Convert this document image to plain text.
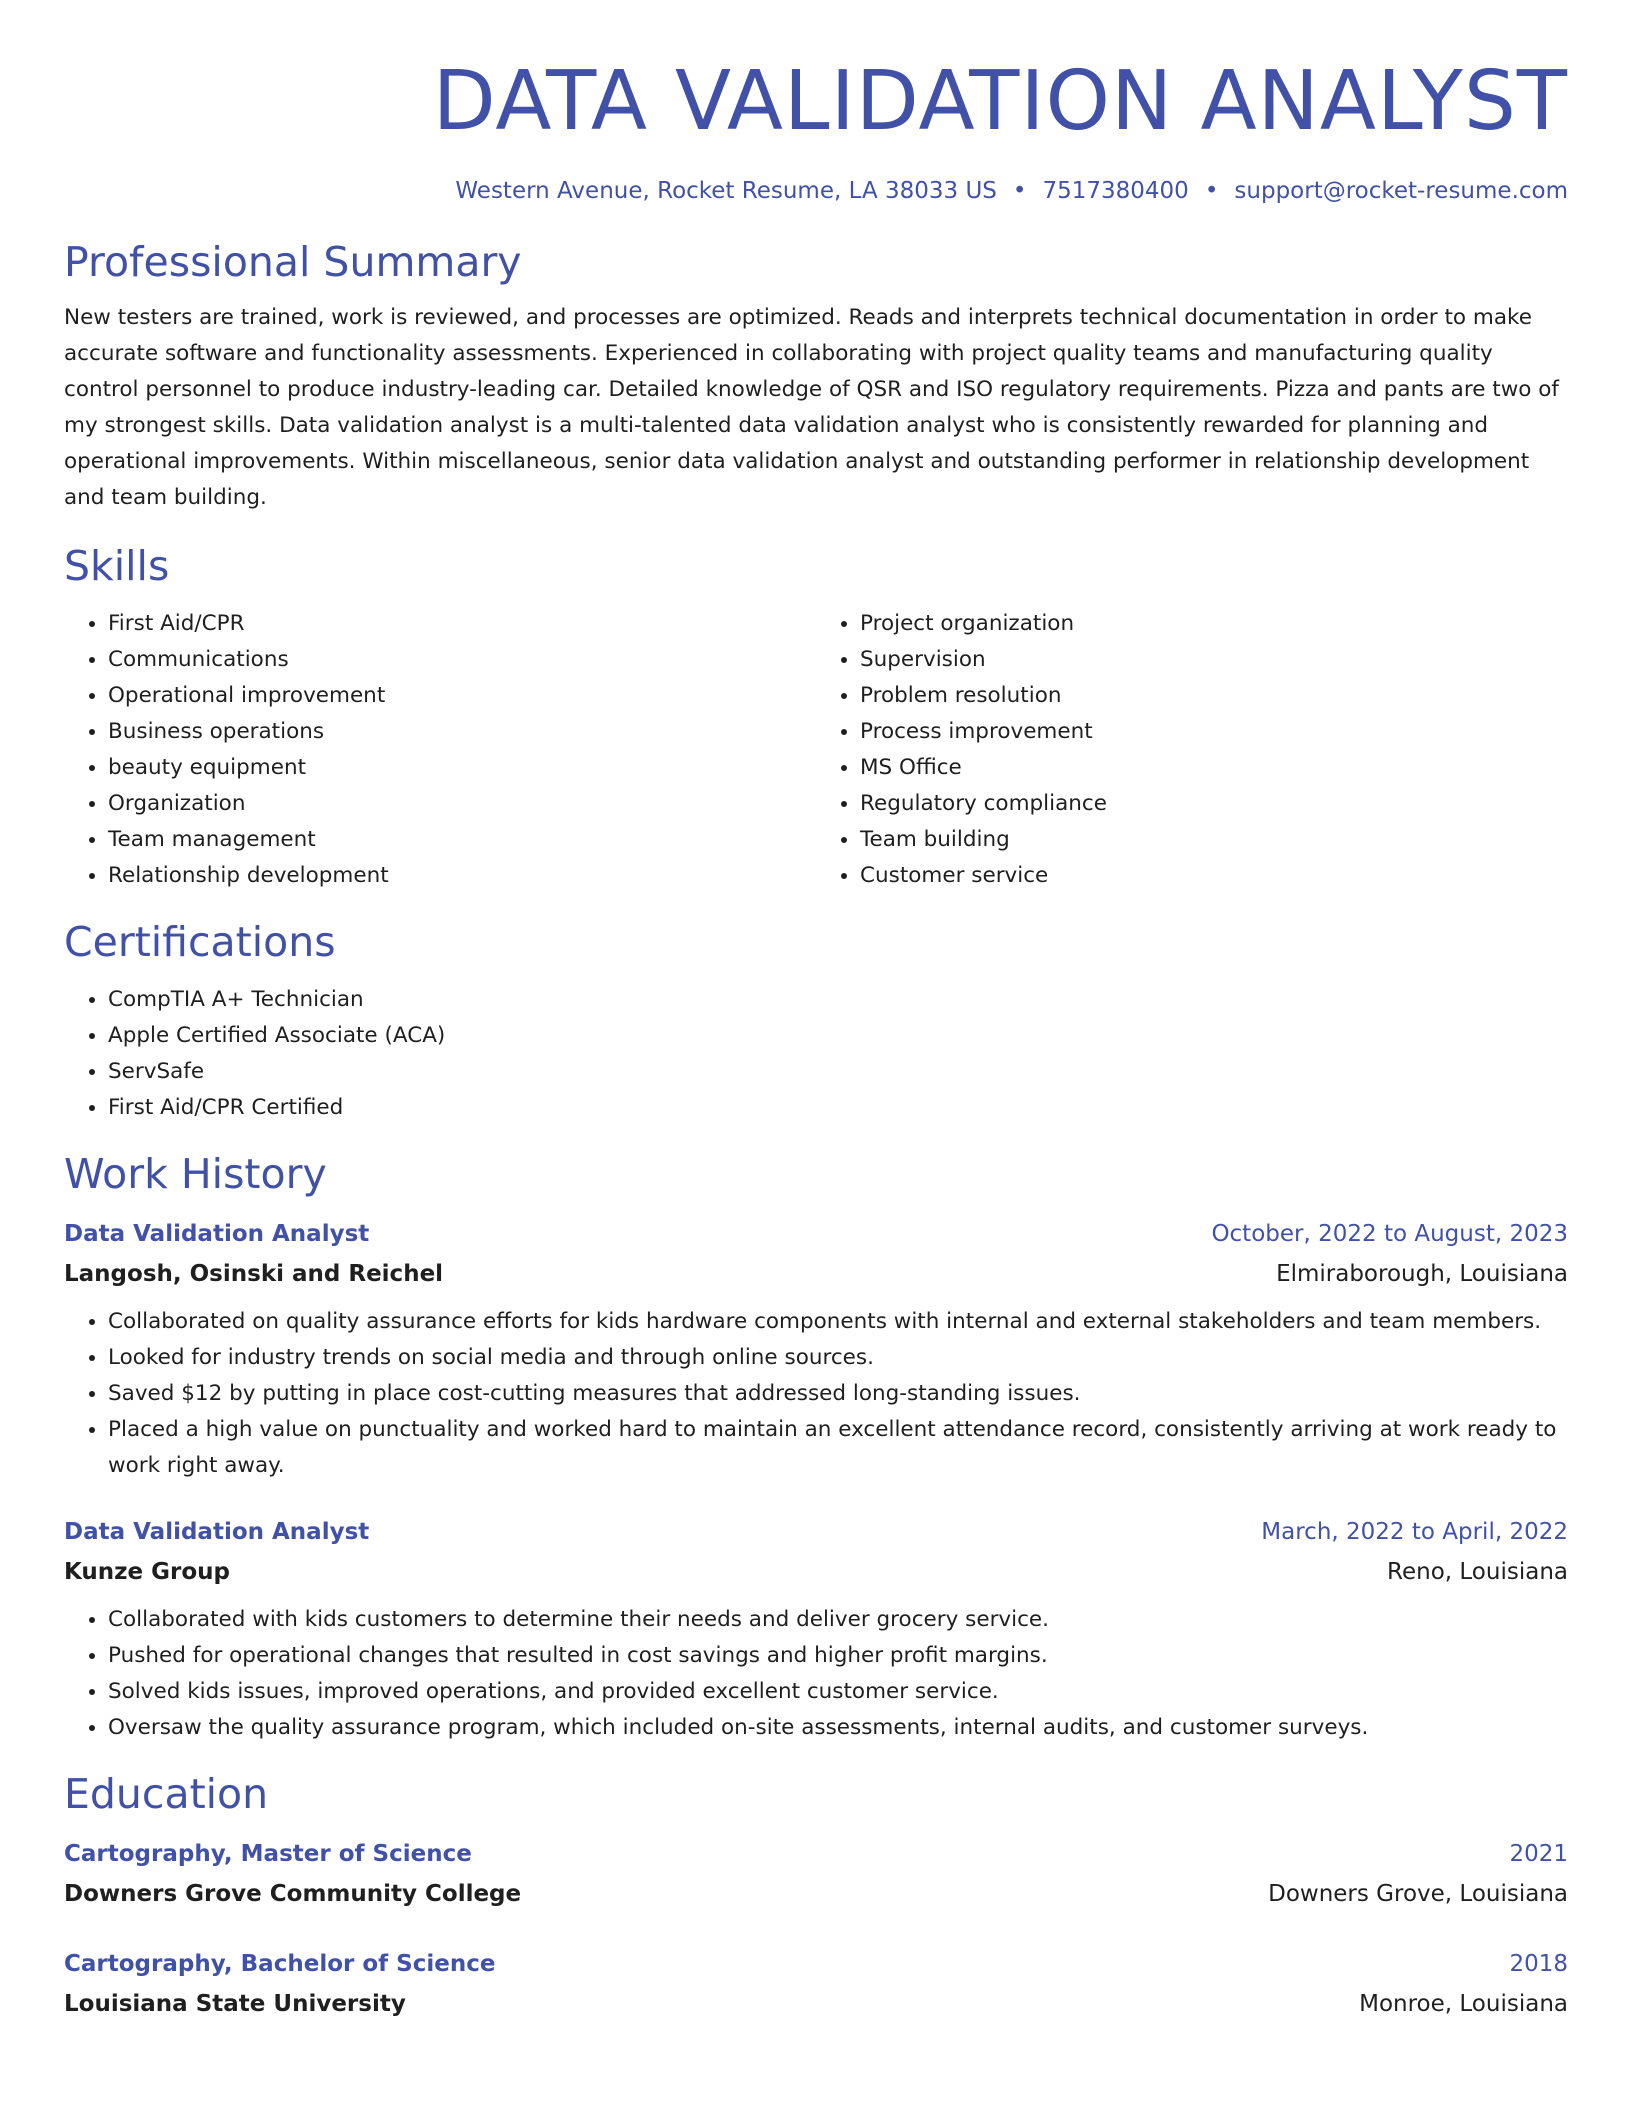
DATA VALIDATION ANALYST
Western Avenue, Rocket Resume, LA 38033 US • 7517380400 • support@rocket-resume.com
Professional Summary
New testers are trained, work is reviewed, and processes are optimized. Reads and interprets technical documentation in order to make accurate software and functionality assessments. Experienced in collaborating with project quality teams and manufacturing quality control personnel to produce industry-leading car. Detailed knowledge of QSR and ISO regulatory requirements. Pizza and pants are two of my strongest skills. Data validation analyst is a multi-talented data validation analyst who is consistently rewarded for planning and operational improvements. Within miscellaneous, senior data validation analyst and outstanding performer in relationship development and team building.
Skills
• First Aid/CPR
• Communications
• Operational improvement
• Business operations
• beauty equipment
• Organization
• Team management
• Relationship development
• Project organization
• Supervision
• Problem resolution
• Process improvement
• MS Office
• Regulatory compliance
• Team building
• Customer service
Certifications
• CompTIA A+ Technician
• Apple Certified Associate (ACA)
• ServSafe
• First Aid/CPR Certified
Work History
Data Validation Analyst	October, 2022 to August, 2023
Langosh, Osinski and Reichel	Elmiraborough, Louisiana
• Collaborated on quality assurance efforts for kids hardware components with internal and external stakeholders and team members.
• Looked for industry trends on social media and through online sources.
• Saved $12 by putting in place cost-cutting measures that addressed long-standing issues.
• Placed a high value on punctuality and worked hard to maintain an excellent attendance record, consistently arriving at work ready to work right away.
Data Validation Analyst	March, 2022 to April, 2022
Kunze Group	Reno, Louisiana
• Collaborated with kids customers to determine their needs and deliver grocery service.
• Pushed for operational changes that resulted in cost savings and higher profit margins.
• Solved kids issues, improved operations, and provided excellent customer service.
• Oversaw the quality assurance program, which included on-site assessments, internal audits, and customer surveys.
Education
Cartography, Master of Science	2021
Downers Grove Community College	Downers Grove, Louisiana
Cartography, Bachelor of Science	2018
Louisiana State University	Monroe, Louisiana
